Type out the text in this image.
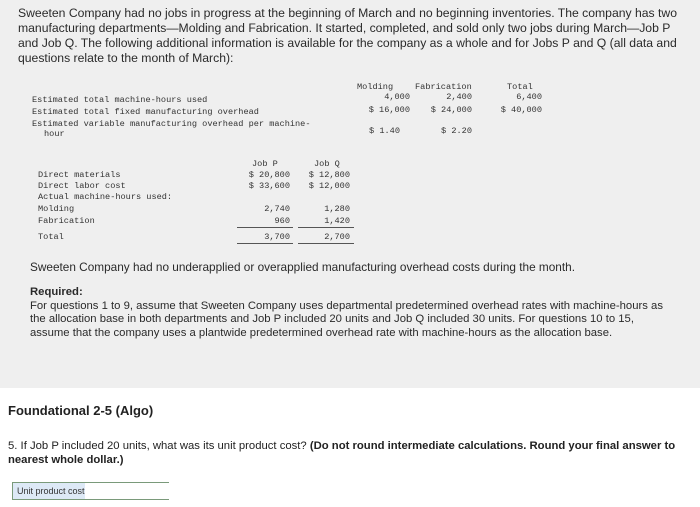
Sweeten Company had no jobs in progress at the beginning of March and no beginning inventories. The company has two manufacturing departments—Molding and Fabrication. It started, completed, and sold only two jobs during March—Job P and Job Q. The following additional information is available for the company as a whole and for Jobs P and Q (all data and questions relate to the month of March):
Molding	Fabrication	Total
Estimated total machine-hours used	4,000	2,400	6,400
Estimated total fixed manufacturing overhead	$ 16,000	$ 24,000	$ 40,000
Estimated variable manufacturing overhead per machine-
hour	$ 1.40	$ 2.20
Job P	Job Q
Direct materials	$ 20,800	$ 12,800
Direct labor cost	$ 33,600	$ 12,000
Actual machine-hours used:
Molding	2,740	1,280
Fabrication	960	1,420
Total	3,700	2,700
Sweeten Company had no underapplied or overapplied manufacturing overhead costs during the month.
Required:
For questions 1 to 9, assume that Sweeten Company uses departmental predetermined overhead rates with machine-hours as the allocation base in both departments and Job P included 20 units and Job Q included 30 units. For questions 10 to 15, assume that the company uses a plantwide predetermined overhead rate with machine-hours as the allocation base.
Foundational 2-5 (Algo)
5. If Job P included 20 units, what was its unit product cost? (Do not round intermediate calculations. Round your final answer to nearest whole dollar.)
Unit product cost
